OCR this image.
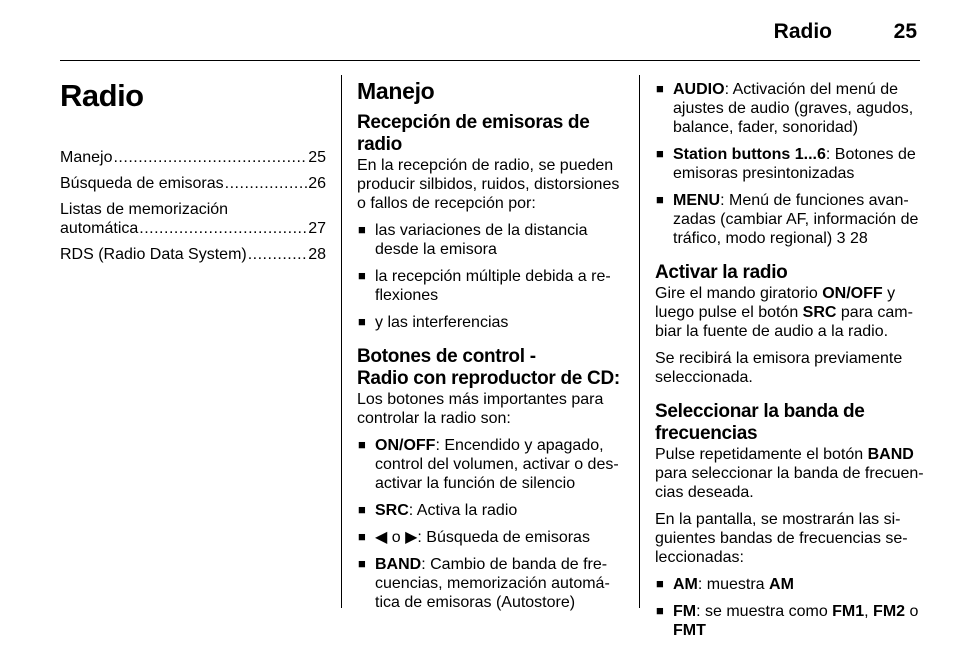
Radio	25
Radio
Manejo .....	25
Búsqueda de emisoras .....	26
Listas de memorización
automática .....	27
RDS (Radio Data System) .....	28
Manejo
Recepción de emisoras de radio

En la recepción de radio, se pueden producir silbidos, ruidos, distorsiones o fallos de recepción por:

■ las variaciones de la distancia desde la emisora
■ la recepción múltiple debida a re-flexiones
■ y las interferencias
Botones de control -
Radio con reproductor de CD:

Los botones más importantes para controlar la radio son:

■ ON/OFF: Encendido y apagado, control del volumen, activar o des-activar la función de silencio
■ SRC: Activa la radio
■ ◀ o ▶: Búsqueda de emisoras
■ BAND: Cambio de banda de fre-cuencias, memorización automá-tica de emisoras (Autostore)
■ AUDIO: Activación del menú de ajustes de audio (graves, agudos, balance, fader, sonoridad)
■ Station buttons 1...6: Botones de emisoras presintonizadas
■ MENU: Menú de funciones avan-zadas (cambiar AF, información de tráfico, modo regional) 3 28
Activar la radio

Gire el mando giratorio ON/OFF y luego pulse el botón SRC para cam-biar la fuente de audio a la radio.

Se recibirá la emisora previamente seleccionada.

Seleccionar la banda de
frecuencias

Pulse repetidamente el botón BAND para seleccionar la banda de frecuen-cias deseada.

En la pantalla, se mostrarán las si-guientes bandas de frecuencias se-leccionadas:

■ AM: muestra AM
■ FM: se muestra como FM1, FM2 o FMT
